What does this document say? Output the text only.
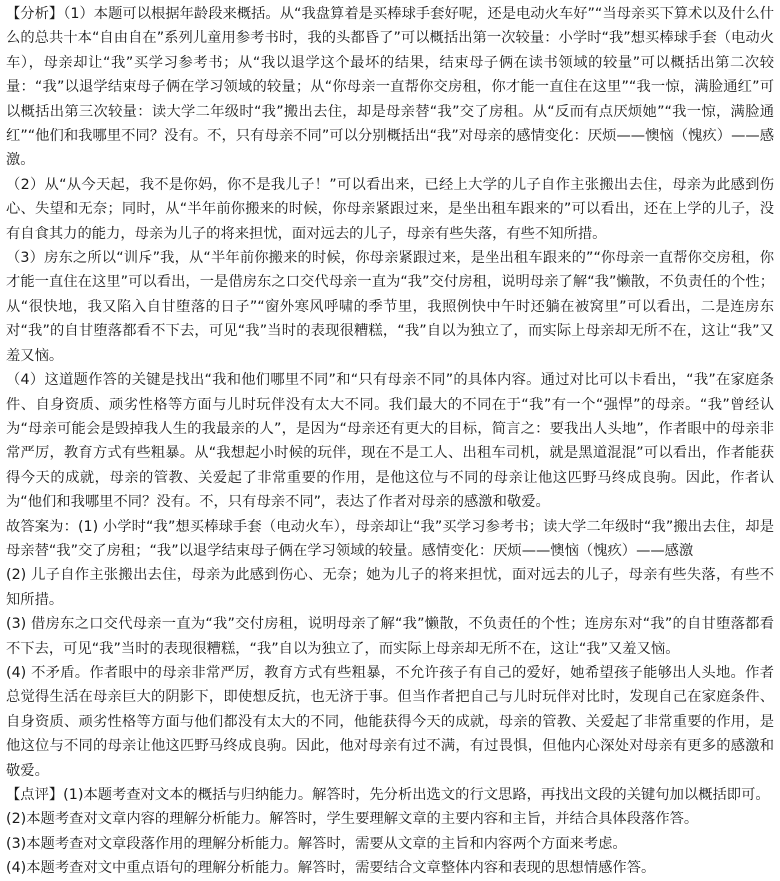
【分析】（1）本题可以根据年龄段来概括。从“我盘算着是买棒球手套好呢，还是电动火车好”“当母亲买下算术以及什么什么的总共十本“自由自在”系列儿童用参考书时，我的头都昏了”可以概括出第一次较量：小学时“我”想买棒球手套（电动火车），母亲却让“我”买学习参考书；从“我以退学这个最坏的结果，结束母子俩在读书领域的较量”可以概括出第二次较量：“我”以退学结束母子俩在学习领域的较量；从“你母亲一直帮你交房租，你才能一直住在这里”“我一惊，满脸通红”可以概括出第三次较量：读大学二年级时“我”搬出去住，却是母亲替“我”交了房租。从“反而有点厌烦她”“我一惊，满脸通红”“他们和我哪里不同？没有。不，只有母亲不同”可以分别概括出“我”对母亲的感情变化：厌烦——懊恼（愧疚）——感激。

（2）从“从今天起，我不是你妈，你不是我儿子！”可以看出来，已经上大学的儿子自作主张搬出去住，母亲为此感到伤心、失望和无奈；同时，从“半年前你搬来的时候，你母亲紧跟过来，是坐出租车跟来的”可以看出，还在上学的儿子，没有自食其力的能力，母亲为儿子的将来担忧，面对远去的儿子，母亲有些失落，有些不知所措。

（3）房东之所以“训斥”我，从“半年前你搬来的时候，你母亲紧跟过来，是坐出租车跟来的”“你母亲一直帮你交房租，你才能一直住在这里”可以看出，一是借房东之口交代母亲一直为“我”交付房租，说明母亲了解“我”懒散，不负责任的个性；从“很快地，我又陷入自甘堕落的日子”“窗外寒风呼啸的季节里，我照例快中午时还躺在被窝里”可以看出，二是连房东对“我”的自甘堕落都看不下去，可见“我”当时的表现很糟糕，“我”自以为独立了，而实际上母亲却无所不在，这让“我”又羞又恼。

（4）这道题作答的关键是找出“我和他们哪里不同”和“只有母亲不同”的具体内容。通过对比可以卡看出，“我”在家庭条件、自身资质、顽劣性格等方面与儿时玩伴没有太大不同。我们最大的不同在于“我”有一个“强悍”的母亲。“我”曾经认为“母亲可能会是毁掉我人生的我最亲的人”，是因为“母亲还有更大的目标，简言之：要我出人头地”，作者眼中的母亲非常严厉，教育方式有些粗暴。从“我想起小时候的玩伴，现在不是工人、出租车司机，就是黑道混混”可以看出，作者能获得今天的成就，母亲的管教、关爱起了非常重要的作用，是他这位与不同的母亲让他这匹野马终成良驹。因此，作者认为“他们和我哪里不同？没有。不，只有母亲不同”，表达了作者对母亲的感激和敬爱。

故答案为：(1) 小学时“我”想买棒球手套（电动火车），母亲却让“我”买学习参考书；读大学二年级时“我”搬出去住，却是母亲替“我”交了房租；“我”以退学结束母子俩在学习领域的较量。感情变化：厌烦——懊恼（愧疚）——感激

(2) 儿子自作主张搬出去住，母亲为此感到伤心、无奈；她为儿子的将来担忧，面对远去的儿子，母亲有些失落，有些不知所措。

(3) 借房东之口交代母亲一直为“我”交付房租，说明母亲了解“我”懒散，不负责任的个性；连房东对“我”的自甘堕落都看不下去，可见“我”当时的表现很糟糕，“我”自以为独立了，而实际上母亲却无所不在，这让“我”又羞又恼。

(4) 不矛盾。作者眼中的母亲非常严厉，教育方式有些粗暴，不允许孩子有自己的爱好，她希望孩子能够出人头地。作者总觉得生活在母亲巨大的阴影下，即使想反抗，也无济于事。但当作者把自己与儿时玩伴对比时，发现自己在家庭条件、自身资质、顽劣性格等方面与他们都没有太大的不同，他能获得今天的成就，母亲的管教、关爱起了非常重要的作用，是他这位与不同的母亲让他这匹野马终成良驹。因此，他对母亲有过不满，有过畏惧，但他内心深处对母亲有更多的感激和敬爱。

【点评】(1)本题考查对文本的概括与归纳能力。解答时，先分析出选文的行文思路，再找出文段的关键句加以概括即可。

(2)本题考查对文章内容的理解分析能力。解答时，学生要理解文章的主要内容和主旨，并结合具体段落作答。

(3)本题考查对文章段落作用的理解分析能力。解答时，需要从文章的主旨和内容两个方面来考虑。

(4)本题考查对文中重点语句的理解分析能力。解答时，需要结合文章整体内容和表现的思想情感作答。
